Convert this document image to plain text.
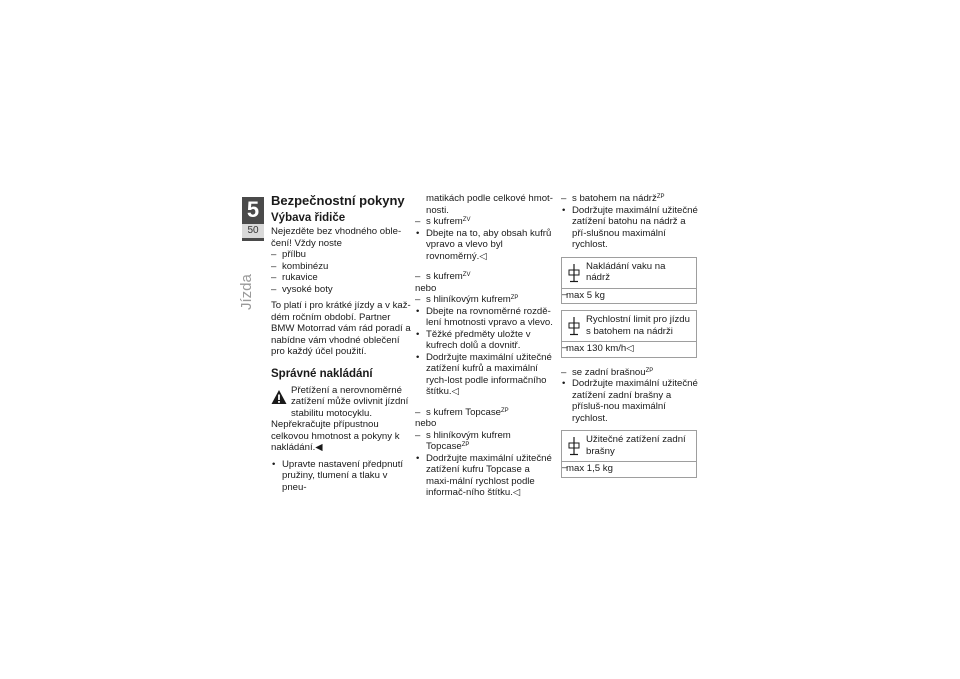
5
50
Jízda
Bezpečnostní pokyny
Výbava řidiče

Nejezděte bez vhodného oble-čení! Vždy noste

– přílbu
– kombinézu
– rukavice
– vysoké boty

To platí i pro krátké jízdy a v kaž-dém ročním období. Partner BMW Motorrad vám rád poradí a nabídne vám vhodné oblečení pro každý účel použití.

Správné nakládání

Přetížení a nerovnoměrné zatížení může ovlivnit jízdní stabilitu motocyklu.

Nepřekračujte přípustnou celkovou hmotnost a pokyny k nakládání.◀

• Upravte nastavení předpnutí pružiny, tlumení a tlaku v pneu-

matikách podle celkové hmot-nosti.

– s kufrem$^{ZV}$
• Dbejte na to, aby obsah kufrů vpravo a vlevo byl rovnoměrný.◁
– s kufrem$^{ZV}$

nebo

– s hliníkovým kufrem$^{ZP}$
• Dbejte na rovnoměrné rozdě-lení hmotnosti vpravo a vlevo.
• Těžké předměty uložte v kufrech dolů a dovnitř.
• Dodržujte maximální užitečné zatížení kufrů a maximální rych-lost podle informačního štítku.◁
– s kufrem Topcase$^{ZP}$

nebo

– s hliníkovým kufrem Topcase$^{ZP}$
• Dodržujte maximální užitečné zatížení kufru Topcase a maxi-mální rychlost podle informač-ního štítku.◁
– s batohem na nádrž$^{ZP}$
• Dodržujte maximální užitečné zatížení batohu na nádrž a pří-slušnou maximální rychlost.
Nakládání vaku na nádrž
– max 5 kg
Rychlostní limit pro jízdu s batohem na nádrži
– max 130 km/h◁
– se zadní brašnou$^{ZP}$
• Dodržujte maximální užitečné zatížení zadní brašny a přísluš-nou maximální rychlost.
Užitečné zatížení zadní brašny
– max 1,5 kg
